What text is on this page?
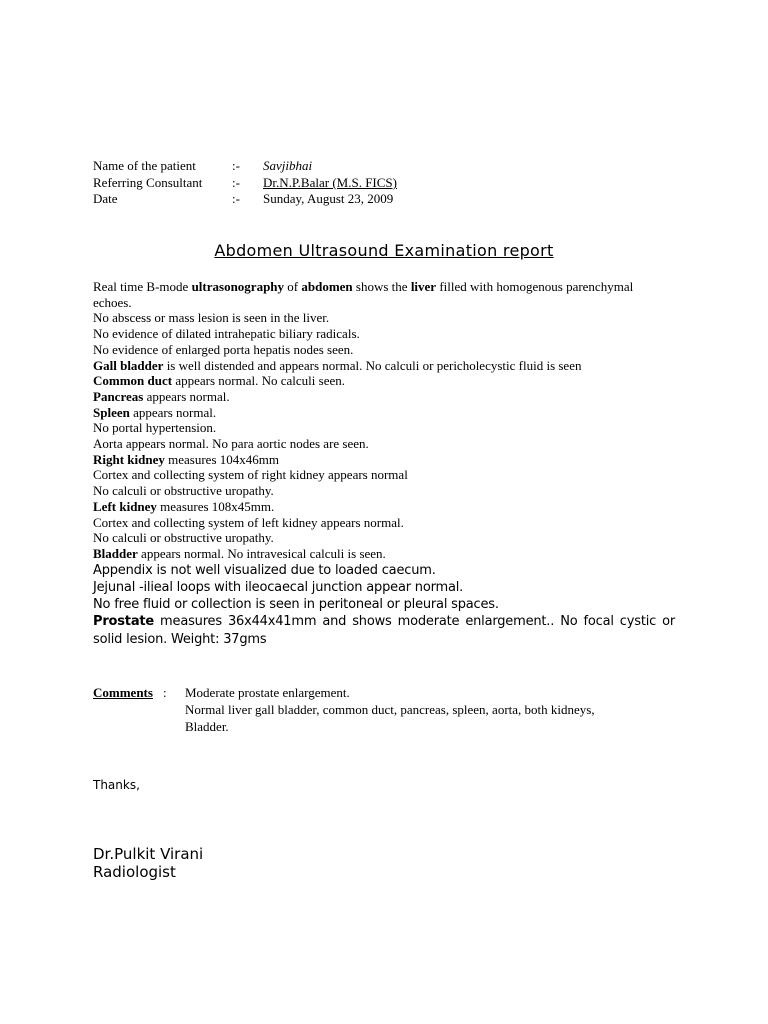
Name of the patient	:- Savjibhai
Referring Consultant :- Dr.N.P.Balar (M.S. FICS)
Date	:- Sunday, August 23, 2009
Abdomen Ultrasound Examination report
Real time B-mode ultrasonography of abdomen shows the liver filled with homogenous parenchymal
echoes.
No abscess or mass lesion is seen in the liver.
No evidence of dilated intrahepatic biliary radicals.
No evidence of enlarged porta hepatis nodes seen.
Gall bladder is well distended and appears normal. No calculi or pericholecystic fluid is seen
Common duct appears normal. No calculi seen.
Pancreas appears normal.
Spleen appears normal.
No portal hypertension.
Aorta appears normal. No para aortic nodes are seen.
Right kidney measures 104x46mm
Cortex and collecting system of right kidney appears normal
No calculi or obstructive uropathy.
Left kidney measures 108x45mm.
Cortex and collecting system of left kidney appears normal.
No calculi or obstructive uropathy.
Bladder appears normal. No intravesical calculi is seen.
Appendix is not well visualized due to loaded caecum.
Jejunal -ilieal loops with ileocaecal junction appear normal.
No free fluid or collection is seen in peritoneal or pleural spaces.
Prostate measures 36x44x41mm and shows moderate enlargement.. No focal cystic or solid lesion. Weight: 37gms
Comments : Moderate prostate enlargement.
Normal liver gall bladder, common duct, pancreas, spleen, aorta, both kidneys,
Bladder.
Thanks,
Dr.Pulkit Virani
Radiologist
